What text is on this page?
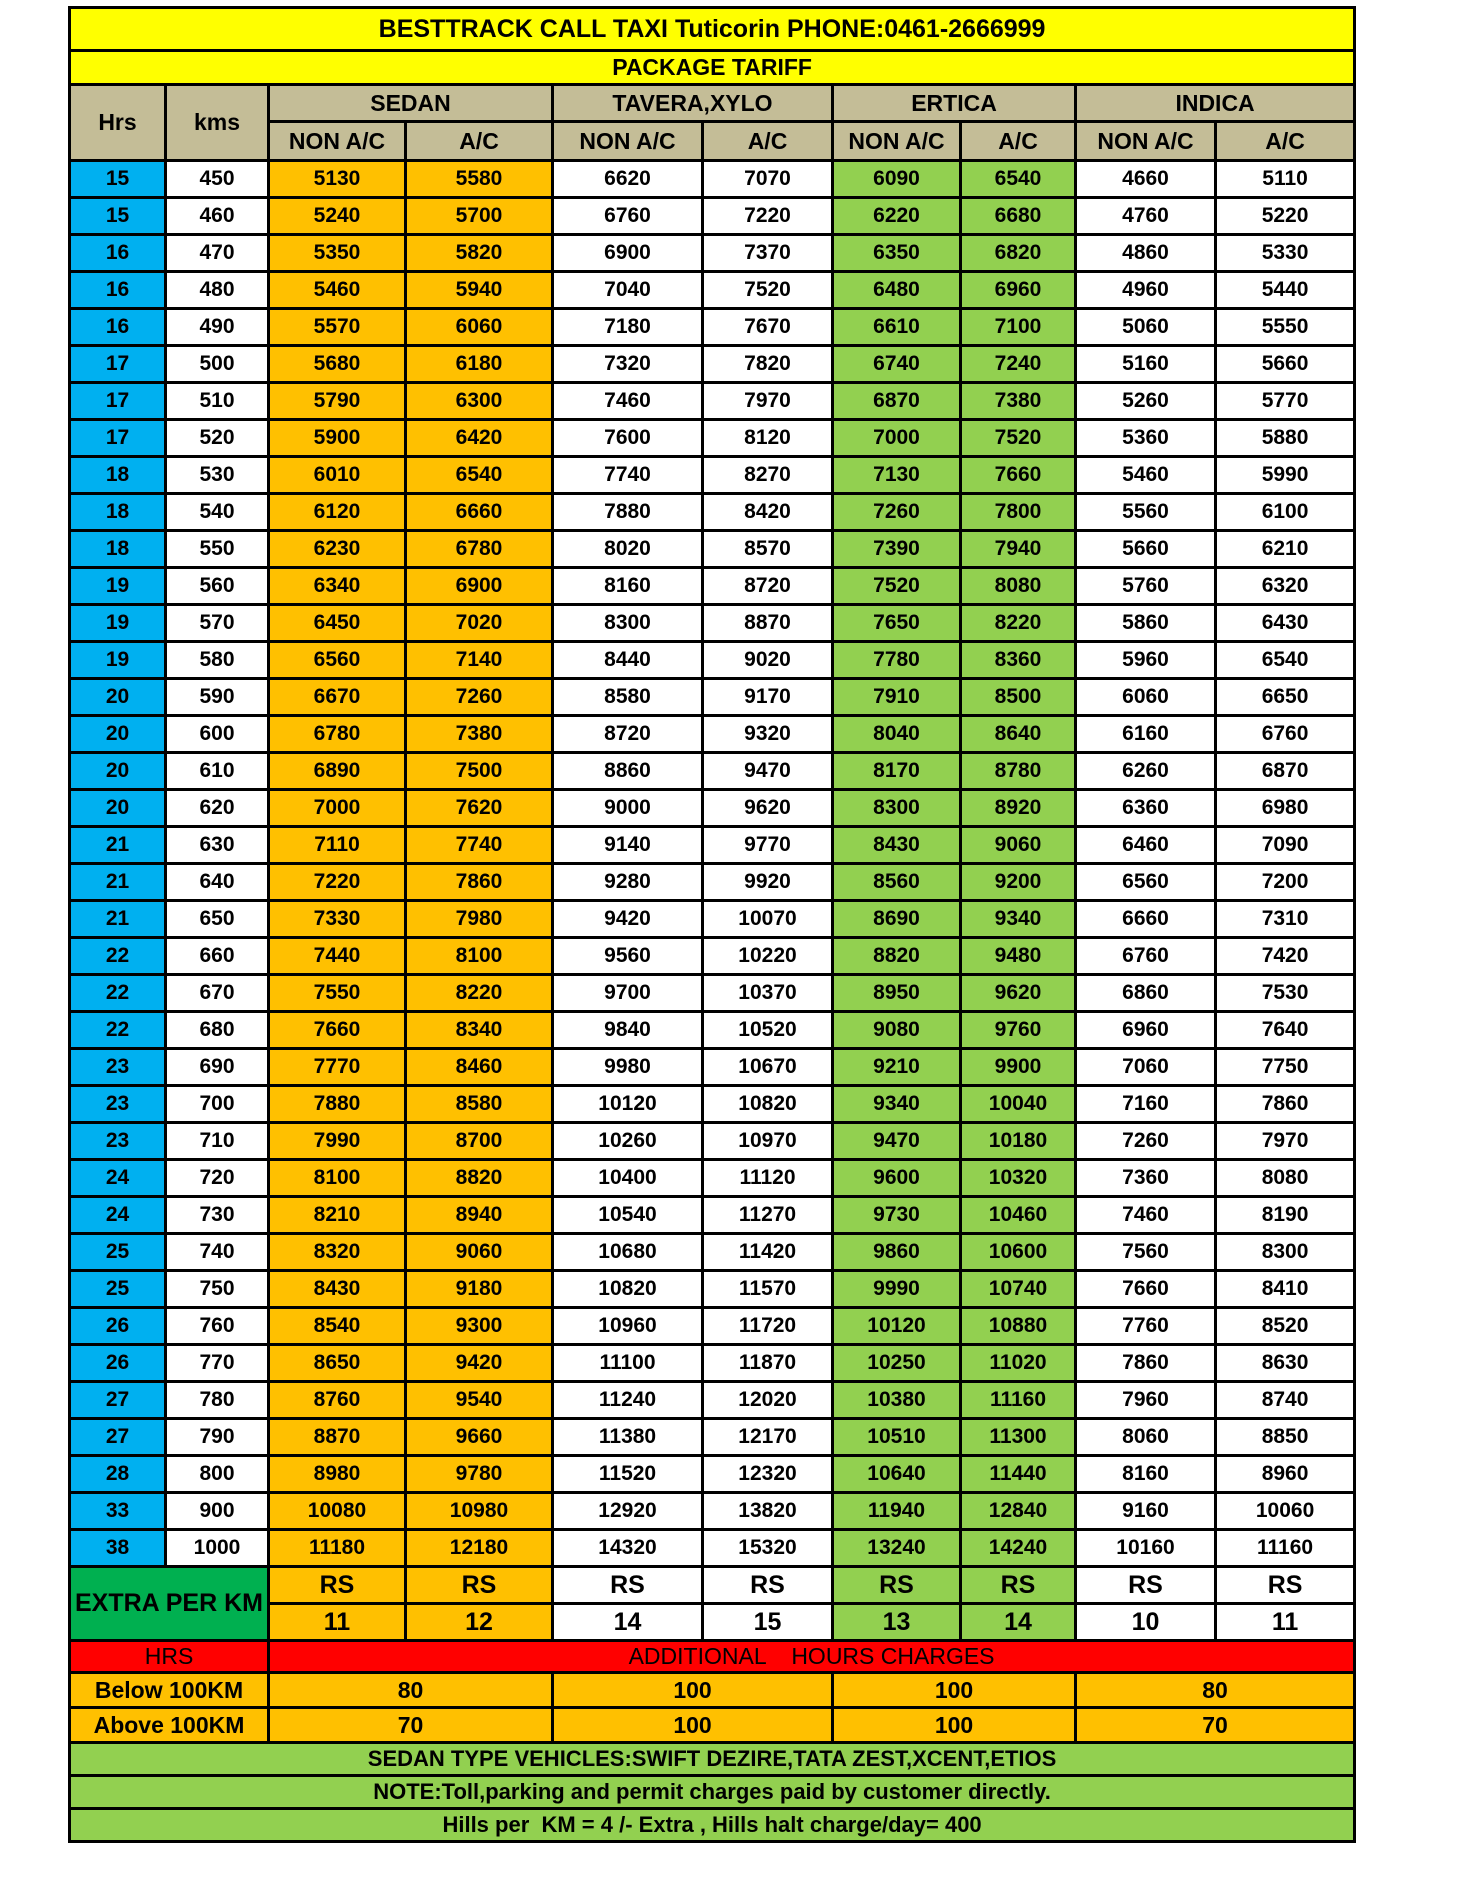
BESTTRACK CALL TAXI Tuticorin PHONE:0461-2666999									
PACKAGE TARIFF									
Hrs	kms	SEDAN		TAVERA,XYLO		ERTICA		INDICA	
		NON A/C	A/C	NON A/C	A/C	NON A/C	A/C	NON A/C	A/C
15	450	5130	5580	6620	7070	6090	6540	4660	5110
15	460	5240	5700	6760	7220	6220	6680	4760	5220
16	470	5350	5820	6900	7370	6350	6820	4860	5330
16	480	5460	5940	7040	7520	6480	6960	4960	5440
16	490	5570	6060	7180	7670	6610	7100	5060	5550
17	500	5680	6180	7320	7820	6740	7240	5160	5660
17	510	5790	6300	7460	7970	6870	7380	5260	5770
17	520	5900	6420	7600	8120	7000	7520	5360	5880
18	530	6010	6540	7740	8270	7130	7660	5460	5990
18	540	6120	6660	7880	8420	7260	7800	5560	6100
18	550	6230	6780	8020	8570	7390	7940	5660	6210
19	560	6340	6900	8160	8720	7520	8080	5760	6320
19	570	6450	7020	8300	8870	7650	8220	5860	6430
19	580	6560	7140	8440	9020	7780	8360	5960	6540
20	590	6670	7260	8580	9170	7910	8500	6060	6650
20	600	6780	7380	8720	9320	8040	8640	6160	6760
20	610	6890	7500	8860	9470	8170	8780	6260	6870
20	620	7000	7620	9000	9620	8300	8920	6360	6980
21	630	7110	7740	9140	9770	8430	9060	6460	7090
21	640	7220	7860	9280	9920	8560	9200	6560	7200
21	650	7330	7980	9420	10070	8690	9340	6660	7310
22	660	7440	8100	9560	10220	8820	9480	6760	7420
22	670	7550	8220	9700	10370	8950	9620	6860	7530
22	680	7660	8340	9840	10520	9080	9760	6960	7640
23	690	7770	8460	9980	10670	9210	9900	7060	7750
23	700	7880	8580	10120	10820	9340	10040	7160	7860
23	710	7990	8700	10260	10970	9470	10180	7260	7970
24	720	8100	8820	10400	11120	9600	10320	7360	8080
24	730	8210	8940	10540	11270	9730	10460	7460	8190
25	740	8320	9060	10680	11420	9860	10600	7560	8300
25	750	8430	9180	10820	11570	9990	10740	7660	8410
26	760	8540	9300	10960	11720	10120	10880	7760	8520
26	770	8650	9420	11100	11870	10250	11020	7860	8630
27	780	8760	9540	11240	12020	10380	11160	7960	8740
27	790	8870	9660	11380	12170	10510	11300	8060	8850
28	800	8980	9780	11520	12320	10640	11440	8160	8960
33	900	10080	10980	12920	13820	11940	12840	9160	10060
38	1000	11180	12180	14320	15320	13240	14240	10160	11160
EXTRA PER KM		RS	RS	RS	RS	RS	RS	RS	RS
		11	12	14	15	13	14	10	11
HRS		ADDITIONAL    HOURS CHARGES							
Below 100KM		80		100		100		80	
Above 100KM		70		100		100		70	
SEDAN TYPE VEHICLES:SWIFT DEZIRE,TATA ZEST,XCENT,ETIOS									
NOTE:Toll,parking and permit charges paid by customer directly.									
Hills per  KM = 4 /- Extra , Hills halt charge/day= 400									
